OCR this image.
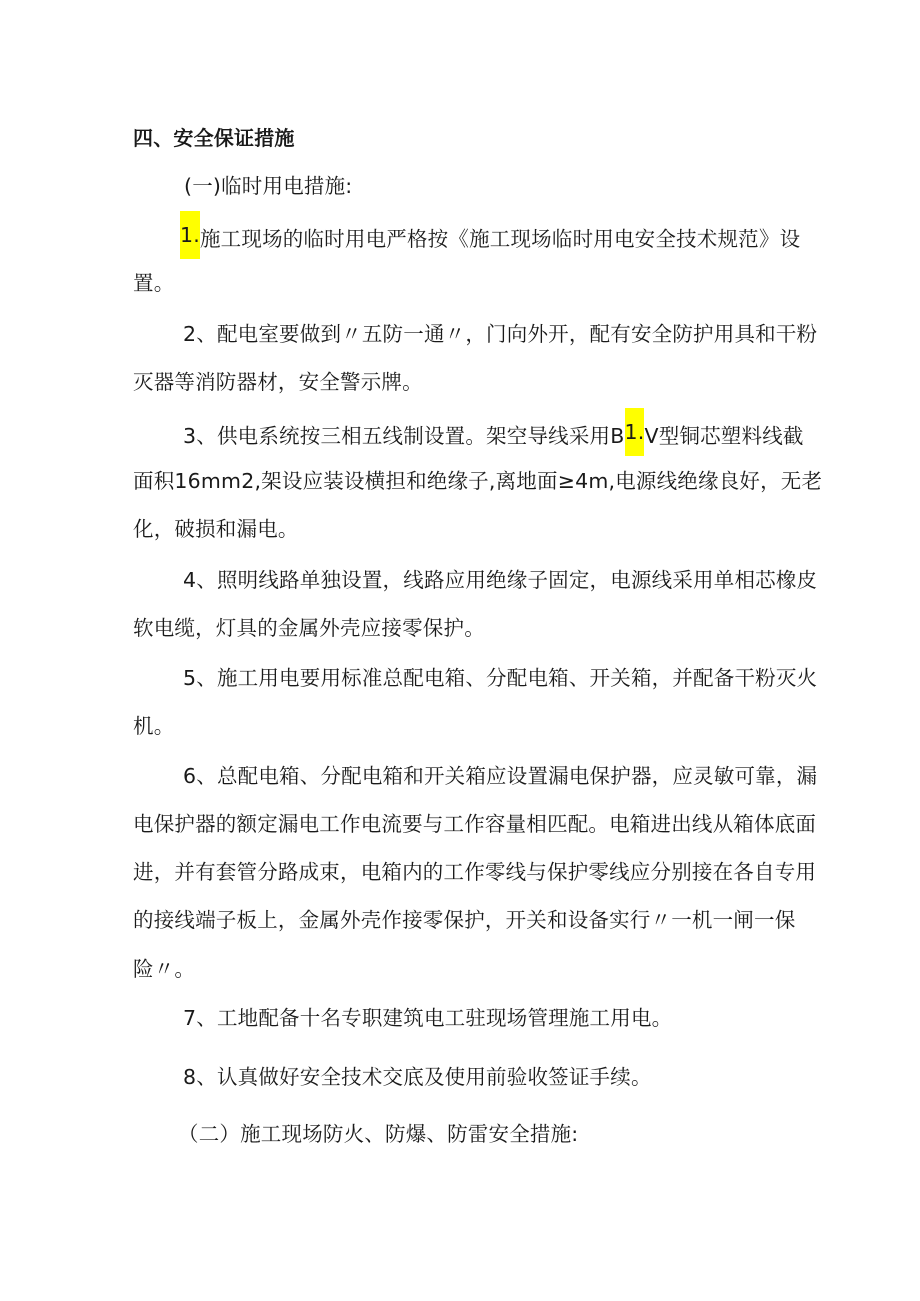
四、安全保证措施
(一)临时用电措施:
1.施工现场的临时用电严格按《施工现场临时用电安全技术规范》设
置。
2、配电室要做到〃五防一通〃，门向外开，配有安全防护用具和干粉
灭器等消防器材，安全警示牌。
3、供电系统按三相五线制设置。架空导线采用B1.V型铜芯塑料线截
面积16mm2,架设应装设横担和绝缘子,离地面≥4m,电源线绝缘良好，无老
化，破损和漏电。
4、照明线路单独设置，线路应用绝缘子固定，电源线采用单相芯橡皮
软电缆，灯具的金属外壳应接零保护。
5、施工用电要用标准总配电箱、分配电箱、开关箱，并配备干粉灭火
机。
6、总配电箱、分配电箱和开关箱应设置漏电保护器，应灵敏可靠，漏
电保护器的额定漏电工作电流要与工作容量相匹配。电箱进出线从箱体底面
进，并有套管分路成束，电箱内的工作零线与保护零线应分别接在各自专用
的接线端子板上，金属外壳作接零保护，开关和设备实行〃一机一闸一保
险〃。
7、工地配备十名专职建筑电工驻现场管理施工用电。
8、认真做好安全技术交底及使用前验收签证手续。
（二）施工现场防火、防爆、防雷安全措施:
